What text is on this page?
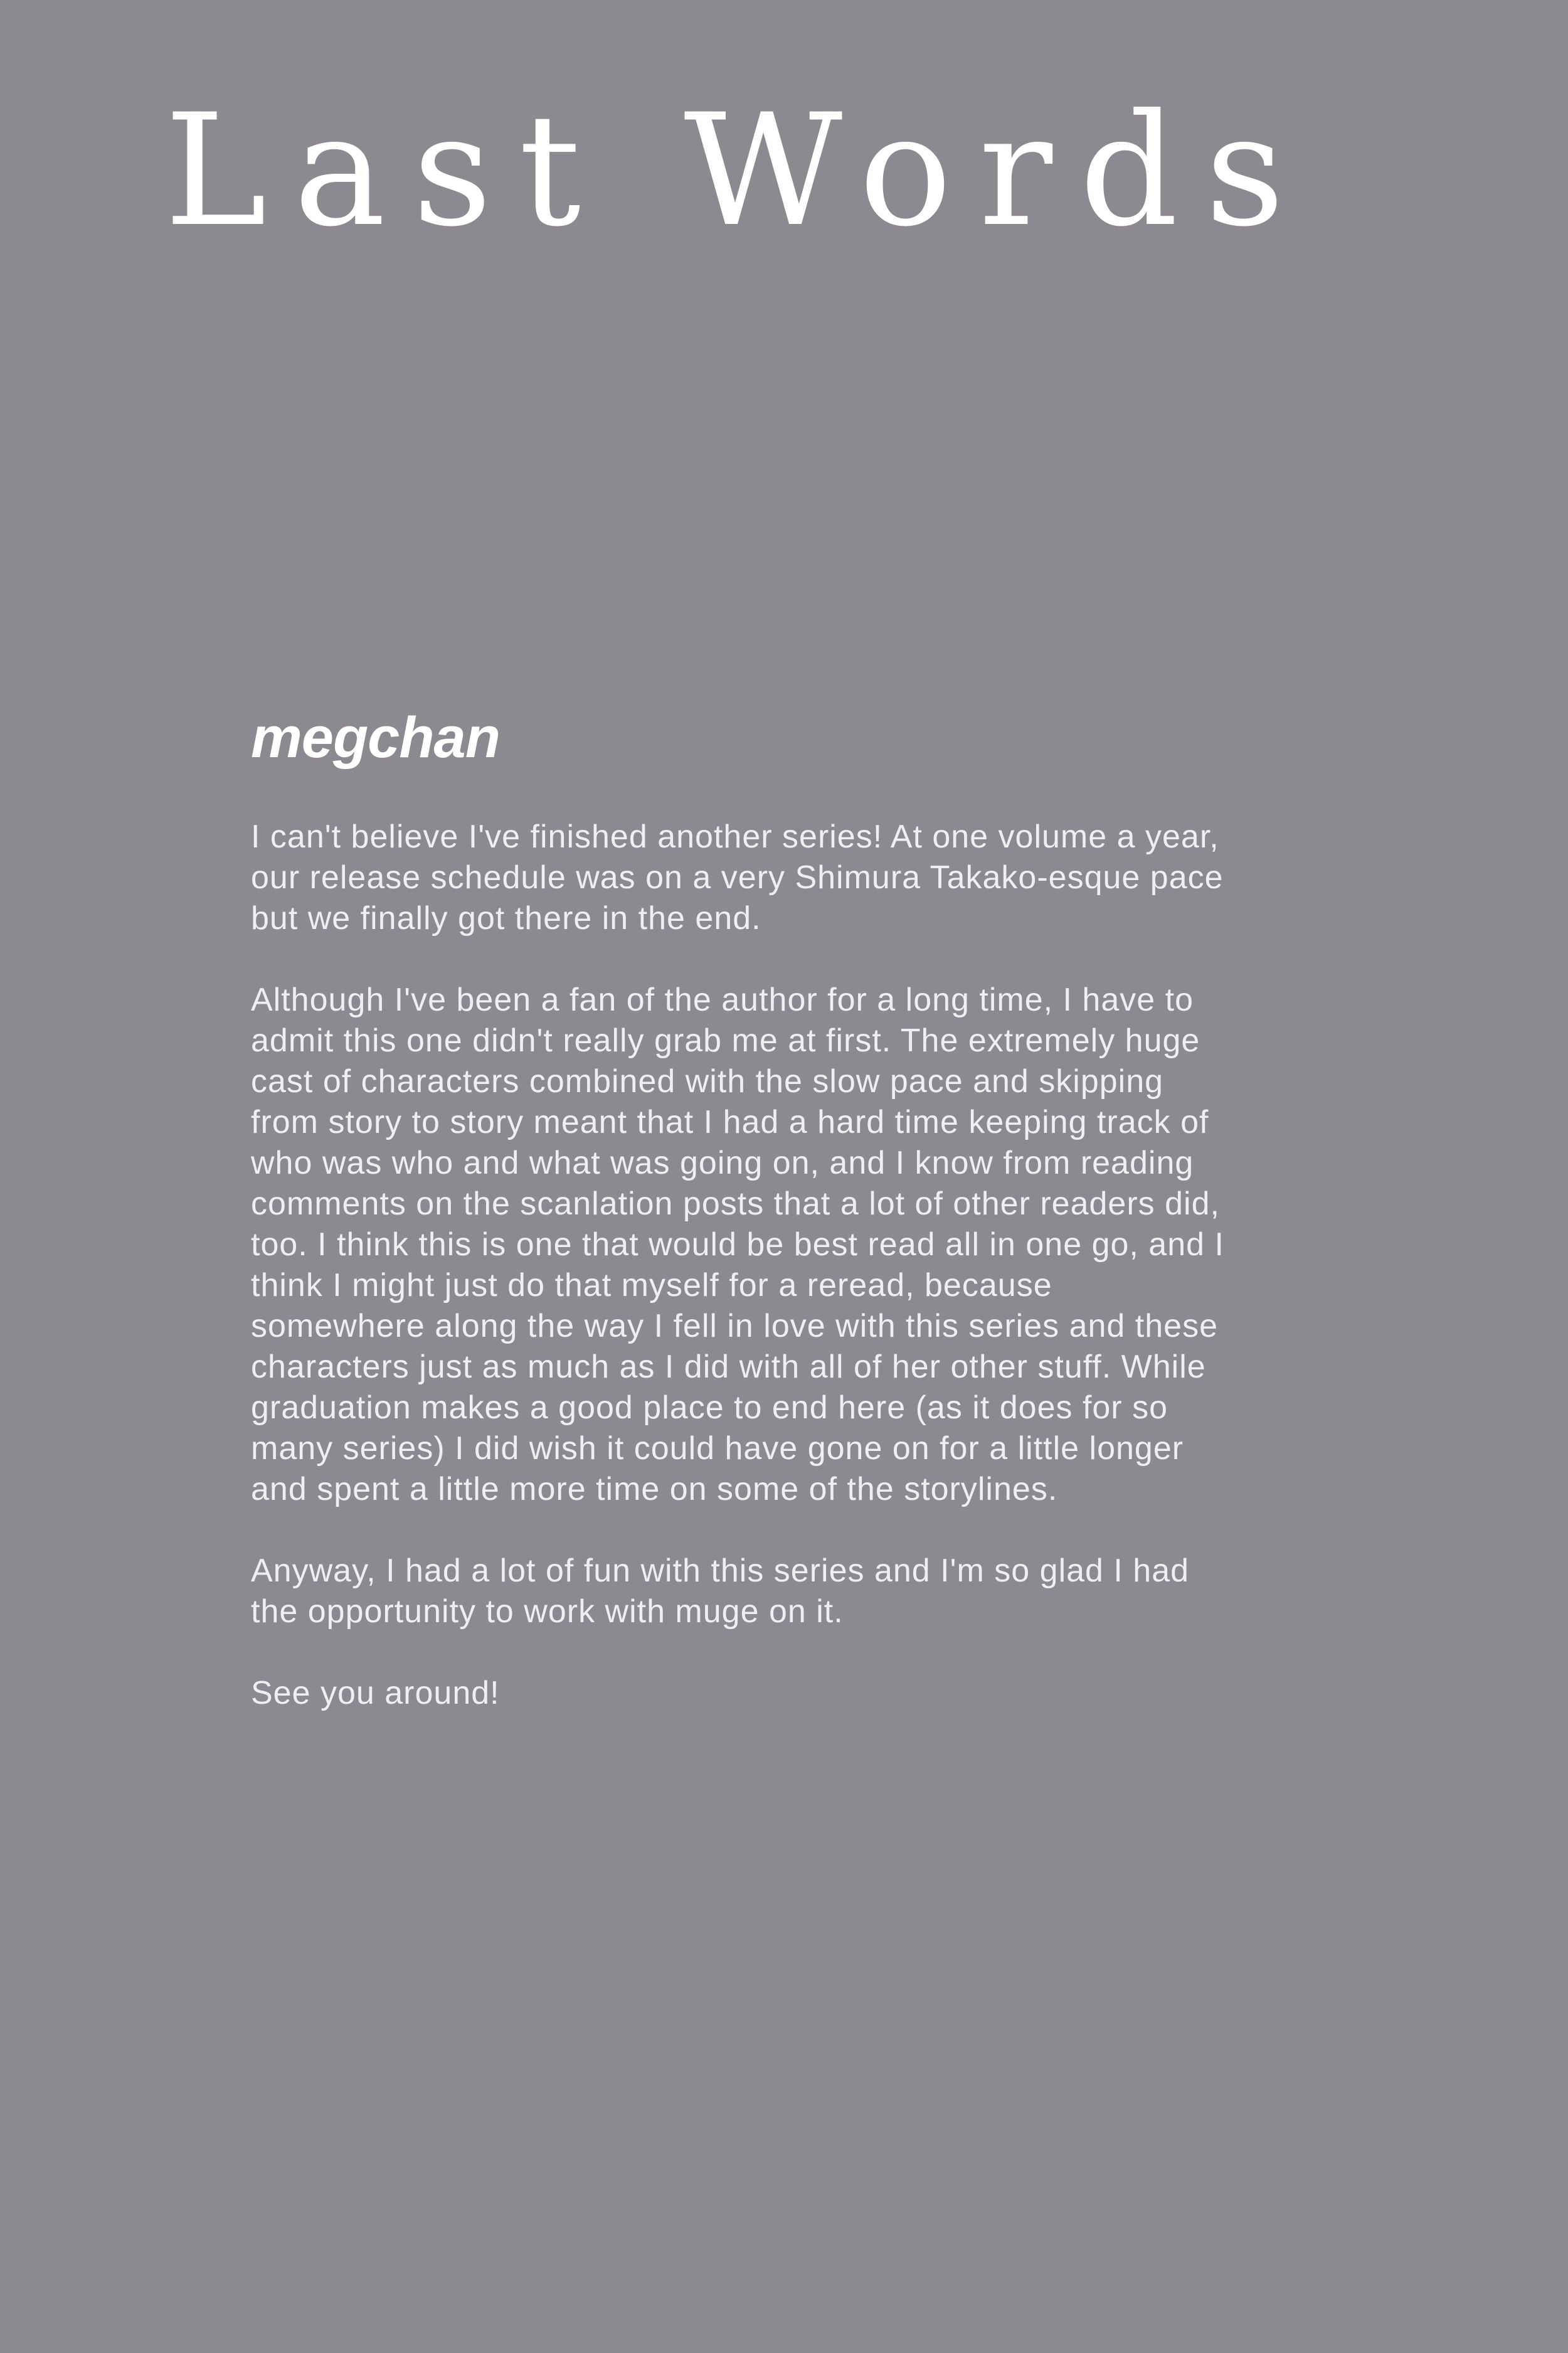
Last Words
megchan

I can't believe I've finished another series! At one volume a year,
our release schedule was on a very Shimura Takako-esque pace
but we finally got there in the end.

Although I've been a fan of the author for a long time, I have to
admit this one didn't really grab me at first. The extremely huge
cast of characters combined with the slow pace and skipping
from story to story meant that I had a hard time keeping track of
who was who and what was going on, and I know from reading
comments on the scanlation posts that a lot of other readers did,
too. I think this is one that would be best read all in one go, and I
think I might just do that myself for a reread, because
somewhere along the way I fell in love with this series and these
characters just as much as I did with all of her other stuff. While
graduation makes a good place to end here (as it does for so
many series) I did wish it could have gone on for a little longer
and spent a little more time on some of the storylines.

Anyway, I had a lot of fun with this series and I'm so glad I had
the opportunity to work with muge on it.

See you around!
